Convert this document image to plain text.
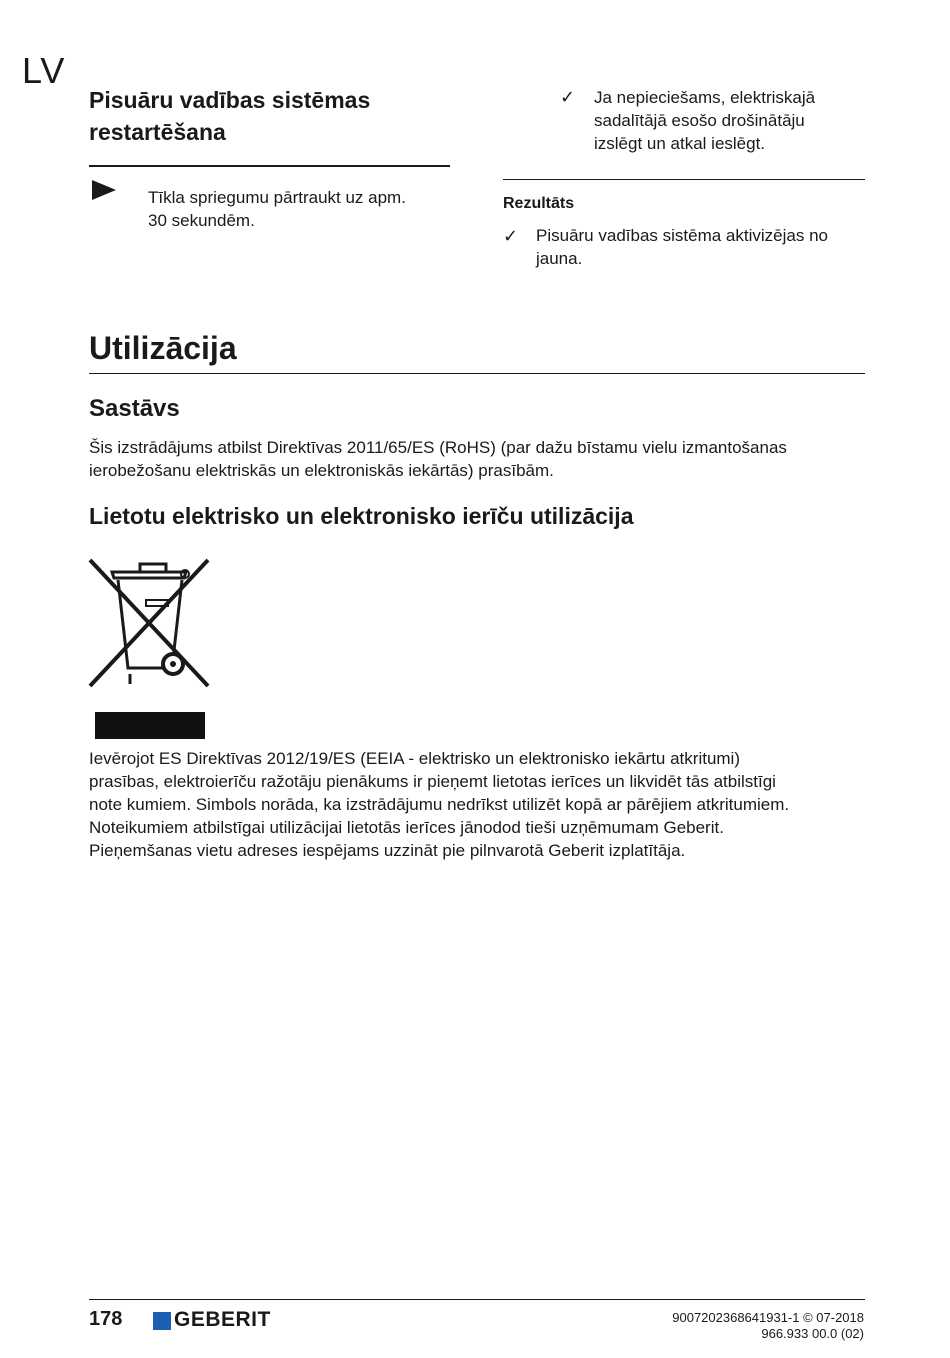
LV
Pisuāru vadības sistēmas
restartēšana
Tīkla spriegumu pārtraukt uz apm.
30 sekundēm.
✓ Ja nepieciešams, elektriskajā
sadalītājā esošo drošinātāju
izslēgt un atkal ieslēgt.
Rezultāts
✓ Pisuāru vadības sistēma aktivizējas no
jauna.
Utilizācija
Sastāvs
Šis izstrādājums atbilst Direktīvas 2011/65/ES (RoHS) (par dažu bīstamu vielu izmantošanas
ierobežošanu elektriskās un elektroniskās iekārtās) prasībām.
Lietotu elektrisko un elektronisko ierīču utilizācija
Ievērojot ES Direktīvas 2012/19/ES (EEIA - elektrisko un elektronisko iekārtu atkritumi)
prasības, elektroierīču ražotāju pienākums ir pieņemt lietotas ierīces un likvidēt tās atbilstīgi
note kumiem. Simbols norāda, ka izstrādājumu nedrīkst utilizēt kopā ar pārējiem atkritumiem.
Noteikumiem atbilstīgai utilizācijai lietotās ierīces jānodod tieši uzņēmumam Geberit.
Pieņemšanas vietu adreses iespējams uzzināt pie pilnvarotā Geberit izplatītāja.
178 GEBERIT	9007202368641931-1 © 07-2018
966.933 00.0 (02)
